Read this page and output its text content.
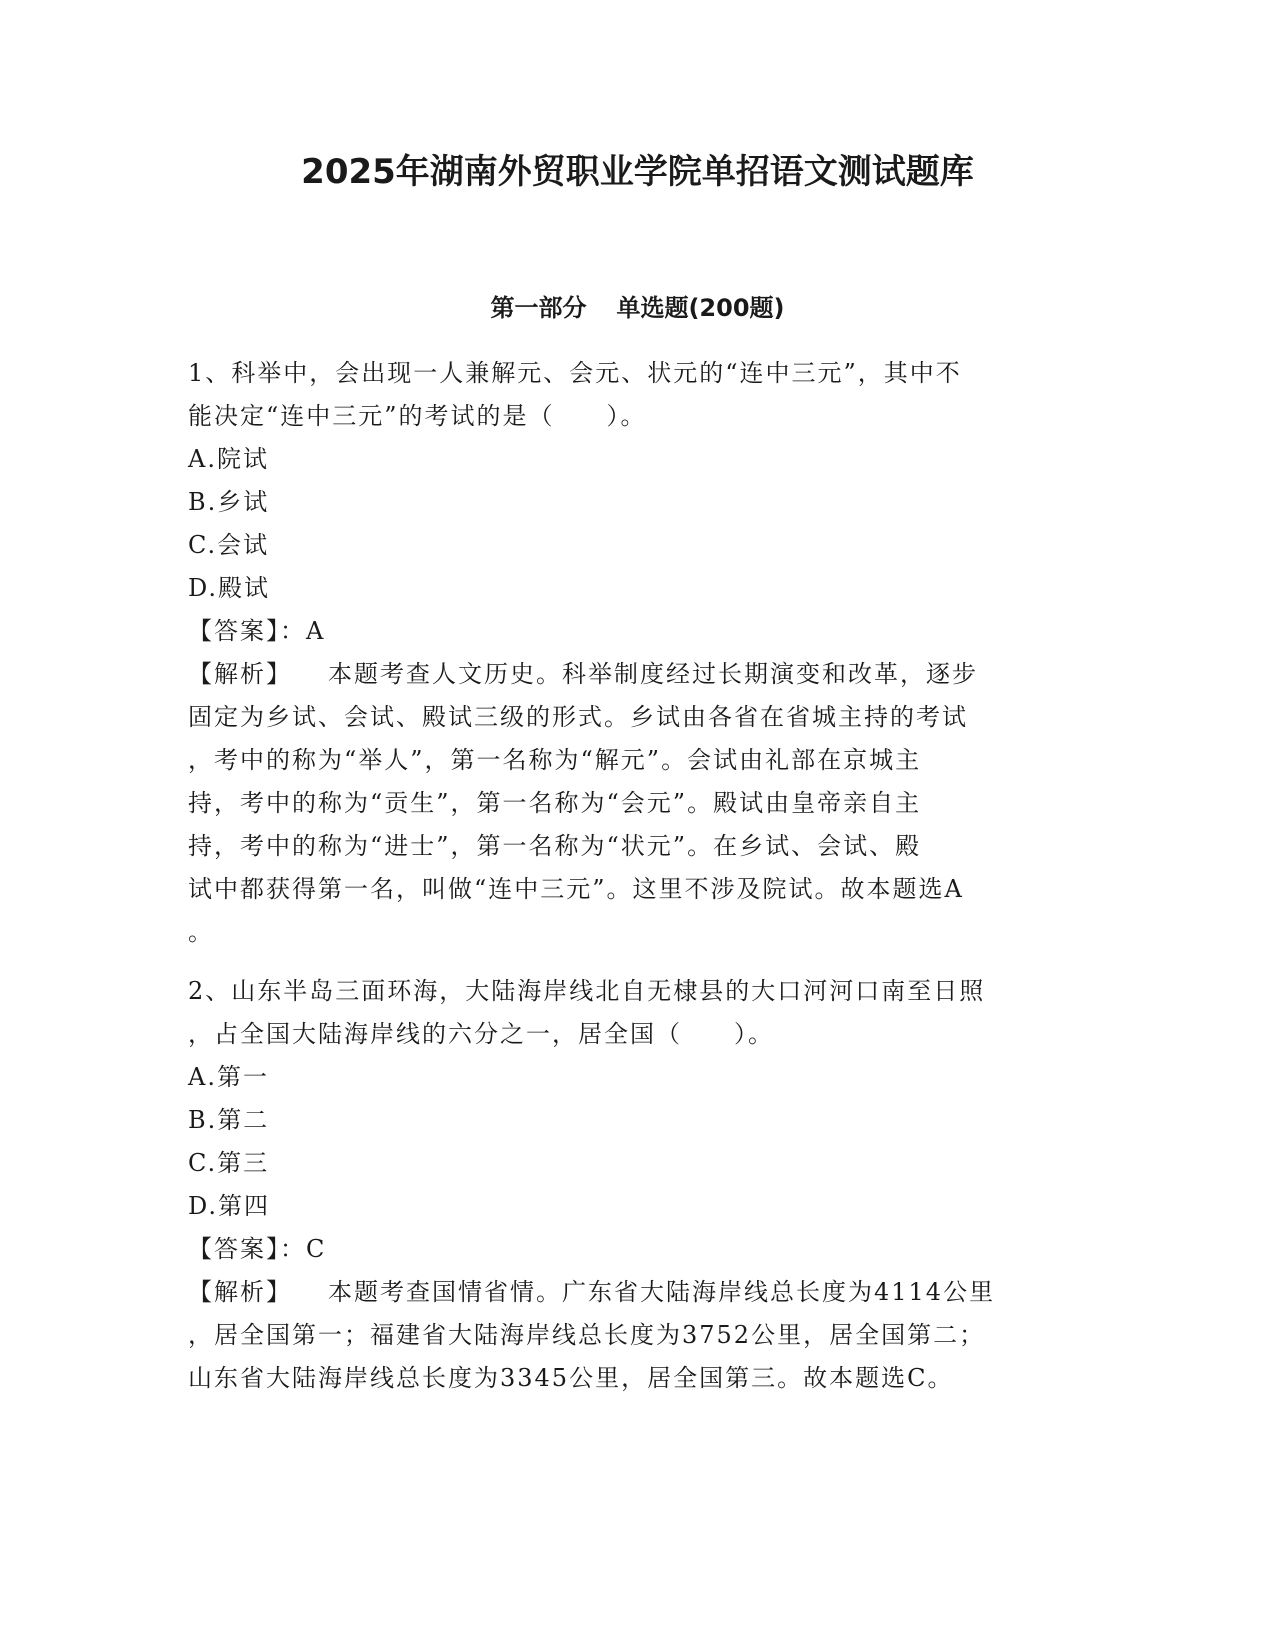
2025年湖南外贸职业学院单招语文测试题库
第一部分 单选题(200题)
1、科举中，会出现一人兼解元、会元、状元的“连中三元”，其中不
能决定“连中三元”的考试的是（　　）。
A.院试
B.乡试
C.会试
D.殿试
【答案】：A
【解析】 本题考查人文历史。科举制度经过长期演变和改革，逐步
固定为乡试、会试、殿试三级的形式。乡试由各省在省城主持的考试
，考中的称为“举人”，第一名称为“解元”。会试由礼部在京城主
持，考中的称为“贡生”，第一名称为“会元”。殿试由皇帝亲自主
持，考中的称为“进士”，第一名称为“状元”。在乡试、会试、殿
试中都获得第一名，叫做“连中三元”。这里不涉及院试。故本题选A
。
2、山东半岛三面环海，大陆海岸线北自无棣县的大口河河口南至日照
，占全国大陆海岸线的六分之一，居全国（　　）。
A.第一
B.第二
C.第三
D.第四
【答案】：C
【解析】 本题考查国情省情。广东省大陆海岸线总长度为4114公里
，居全国第一；福建省大陆海岸线总长度为3752公里，居全国第二；
山东省大陆海岸线总长度为3345公里，居全国第三。故本题选C。
